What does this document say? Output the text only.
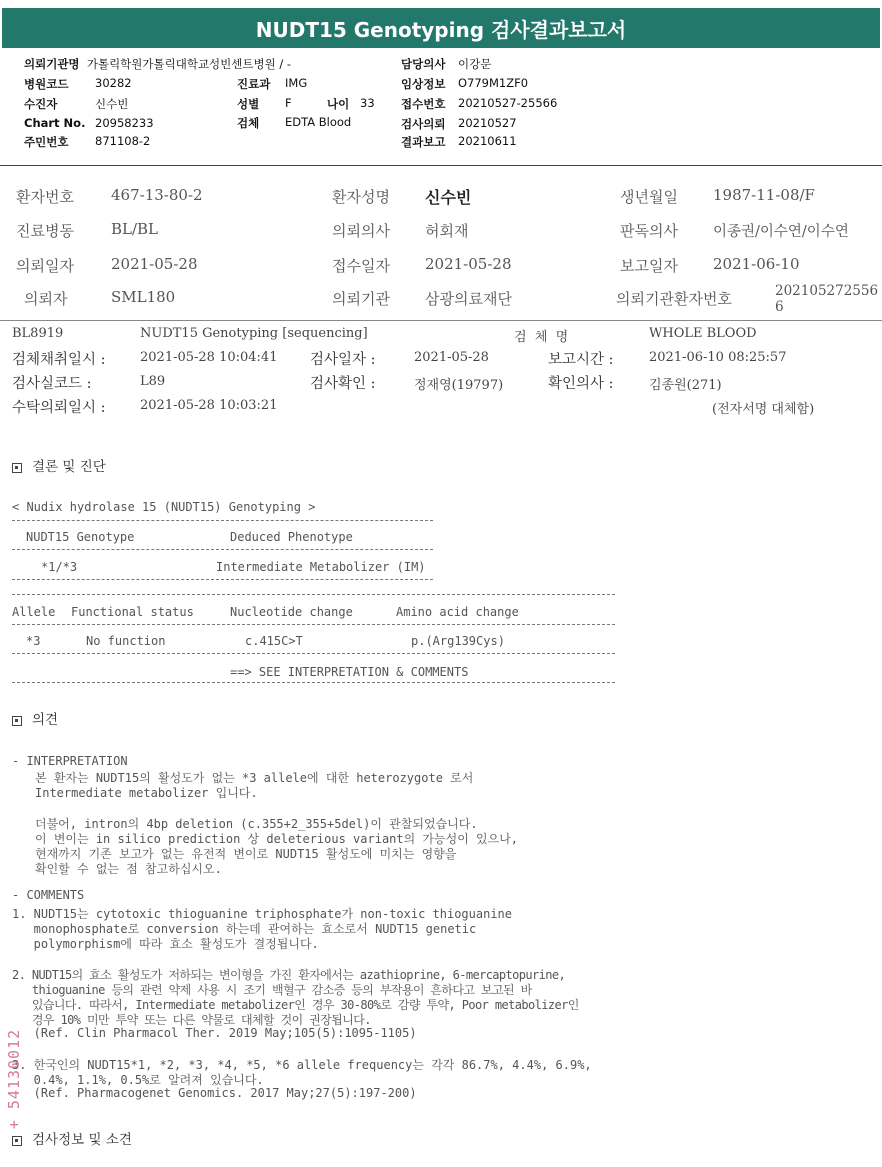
NUDT15 Genotyping 검사결과보고서
의뢰기관명 가톨릭학원가톨릭대학교성빈센트병원 / -
병원코드 30282
수진자	신수빈
Chart No. 20958233
주민번호 871108-2
진료과 IMG
성별 F	나이 33
검체 EDTA Blood
담당의사 이강문
임상정보 O779M1ZF0
접수번호 20210527-25566
검사의뢰 20210527
결과보고 20210611
환자번호 467-13-80-2	환자성명 신수빈	생년월일 1987-11-08/F
진료병동 BL/BL	의뢰의사 허회재	판독의사 이종권/이수연/이수연
의뢰일자 2021-05-28	접수일자 2021-05-28	보고일자 2021-06-10
의뢰자	SML180	의뢰기관 삼광의료재단	의뢰기관환자번호	202105272556
6
BL8919	NUDT15 Genotyping [sequencing]	검  체  명	WHOLE BLOOD
검체채취일시 :	2021-05-28 10:04:41 검사일자 :	2021-05-28	보고시간 :	2021-06-10 08:25:57
검사실코드 :	L89	검사확인 :	정재영(19797)	확인의사 :	김종원(271)
수탁의뢰일시 :	2021-05-28 10:03:21	(전자서명 대체함)
결론 및 진단
< Nudix hydrolase 15 (NUDT15) Genotyping >
NUDT15 Genotype	Deduced Phenotype
*1/*3	Intermediate Metabolizer (IM)
Allele Functional status	Nucleotide change	Amino acid change
*3	No function	c.415C>T	p.(Arg139Cys)
==> SEE INTERPRETATION & COMMENTS
의견
- INTERPRETATION
본 환자는 NUDT15의 활성도가 없는 *3 allele에 대한 heterozygote 로서
Intermediate metabolizer 입니다.
더불어, intron의 4bp deletion (c.355+2_355+5del)이 관찰되었습니다.
이 변이는 in silico prediction 상 deleterious variant의 가능성이 있으나,
현재까지 기존 보고가 없는 유전적 변이로 NUDT15 활성도에 미치는 영향을
확인할 수 없는 점 참고하십시오.
- COMMENTS
1. NUDT15는 cytotoxic thioguanine triphosphate가 non-toxic thioguanine
monophosphate로 conversion 하는데 관여하는 효소로서 NUDT15 genetic
polymorphism에 따라 효소 활성도가 결정됩니다.
2. NUDT15의 효소 활성도가 저하되는 변이형을 가진 환자에서는 azathioprine, 6-mercaptopurine,
thioguanine 등의 관련 약제 사용 시 조기 백혈구 감소증 등의 부작용이 흔하다고 보고된 바
있습니다. 따라서, Intermediate metabolizer인 경우 30-80%로 감량 투약, Poor metabolizer인
경우 10% 미만 투약 또는 다른 약물로 대체할 것이 권장됩니다.
(Ref. Clin Pharmacol Ther. 2019 May;105(5):1095-1105)
3. 한국인의 NUDT15*1, *2, *3, *4, *5, *6 allele frequency는 각각 86.7%, 4.4%, 6.9%,
0.4%, 1.1%, 0.5%로 알려져 있습니다.
(Ref. Pharmacogenet Genomics. 2017 May;27(5):197-200)
검사정보 및 소견
+ 54130012
